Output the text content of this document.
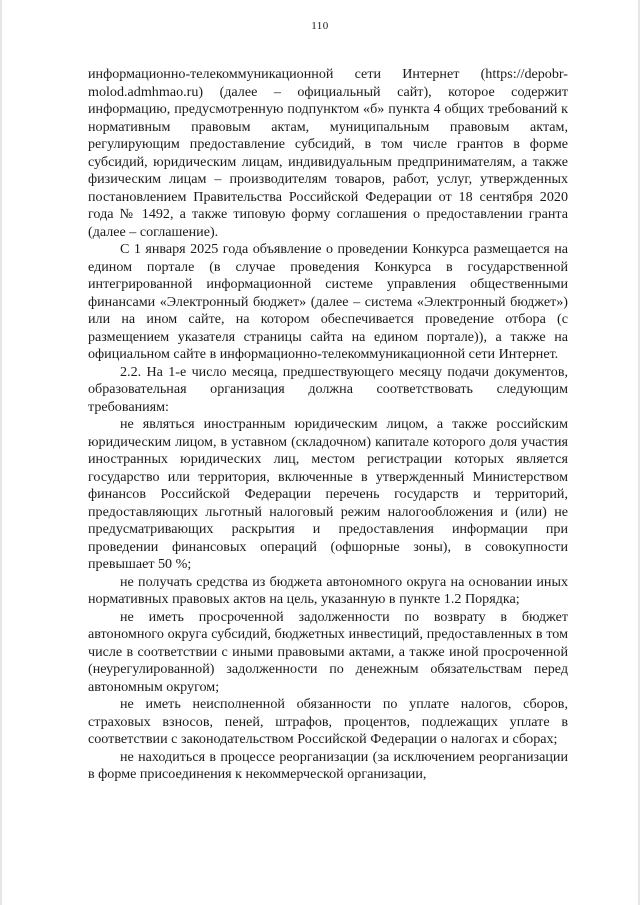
110

информационно-телекоммуникационной сети Интернет (https://depobr-molod.admhmao.ru) (далее – официальный сайт), которое содержит информацию, предусмотренную подпунктом «б» пункта 4 общих требований к нормативным правовым актам, муниципальным правовым актам, регулирующим предоставление субсидий, в том числе грантов в форме субсидий, юридическим лицам, индивидуальным предпринимателям, а также физическим лицам – производителям товаров, работ, услуг, утвержденных постановлением Правительства Российской Федерации от 18 сентября 2020 года № 1492, а также типовую форму соглашения о предоставлении гранта (далее – соглашение).

С 1 января 2025 года объявление о проведении Конкурса размещается на едином портале (в случае проведения Конкурса в государственной интегрированной информационной системе управления общественными финансами «Электронный бюджет» (далее – система «Электронный бюджет») или на ином сайте, на котором обеспечивается проведение отбора (с размещением указателя страницы сайта на едином портале)), а также на официальном сайте в информационно-телекоммуникационной сети Интернет.

2.2. На 1-е число месяца, предшествующего месяцу подачи документов, образовательная организация должна соответствовать следующим требованиям:

не являться иностранным юридическим лицом, а также российским юридическим лицом, в уставном (складочном) капитале которого доля участия иностранных юридических лиц, местом регистрации которых является государство или территория, включенные в утвержденный Министерством финансов Российской Федерации перечень государств и территорий, предоставляющих льготный налоговый режим налогообложения и (или) не предусматривающих раскрытия и предоставления информации при проведении финансовых операций (офшорные зоны), в совокупности превышает 50 %;

не получать средства из бюджета автономного округа на основании иных нормативных правовых актов на цель, указанную в пункте 1.2 Порядка;

не иметь просроченной задолженности по возврату в бюджет автономного округа субсидий, бюджетных инвестиций, предоставленных в том числе в соответствии с иными правовыми актами, а также иной просроченной (неурегулированной) задолженности по денежным обязательствам перед автономным округом;

не иметь неисполненной обязанности по уплате налогов, сборов, страховых взносов, пеней, штрафов, процентов, подлежащих уплате в соответствии с законодательством Российской Федерации о налогах и сборах;

не находиться в процессе реорганизации (за исключением реорганизации в форме присоединения к некоммерческой организации,
